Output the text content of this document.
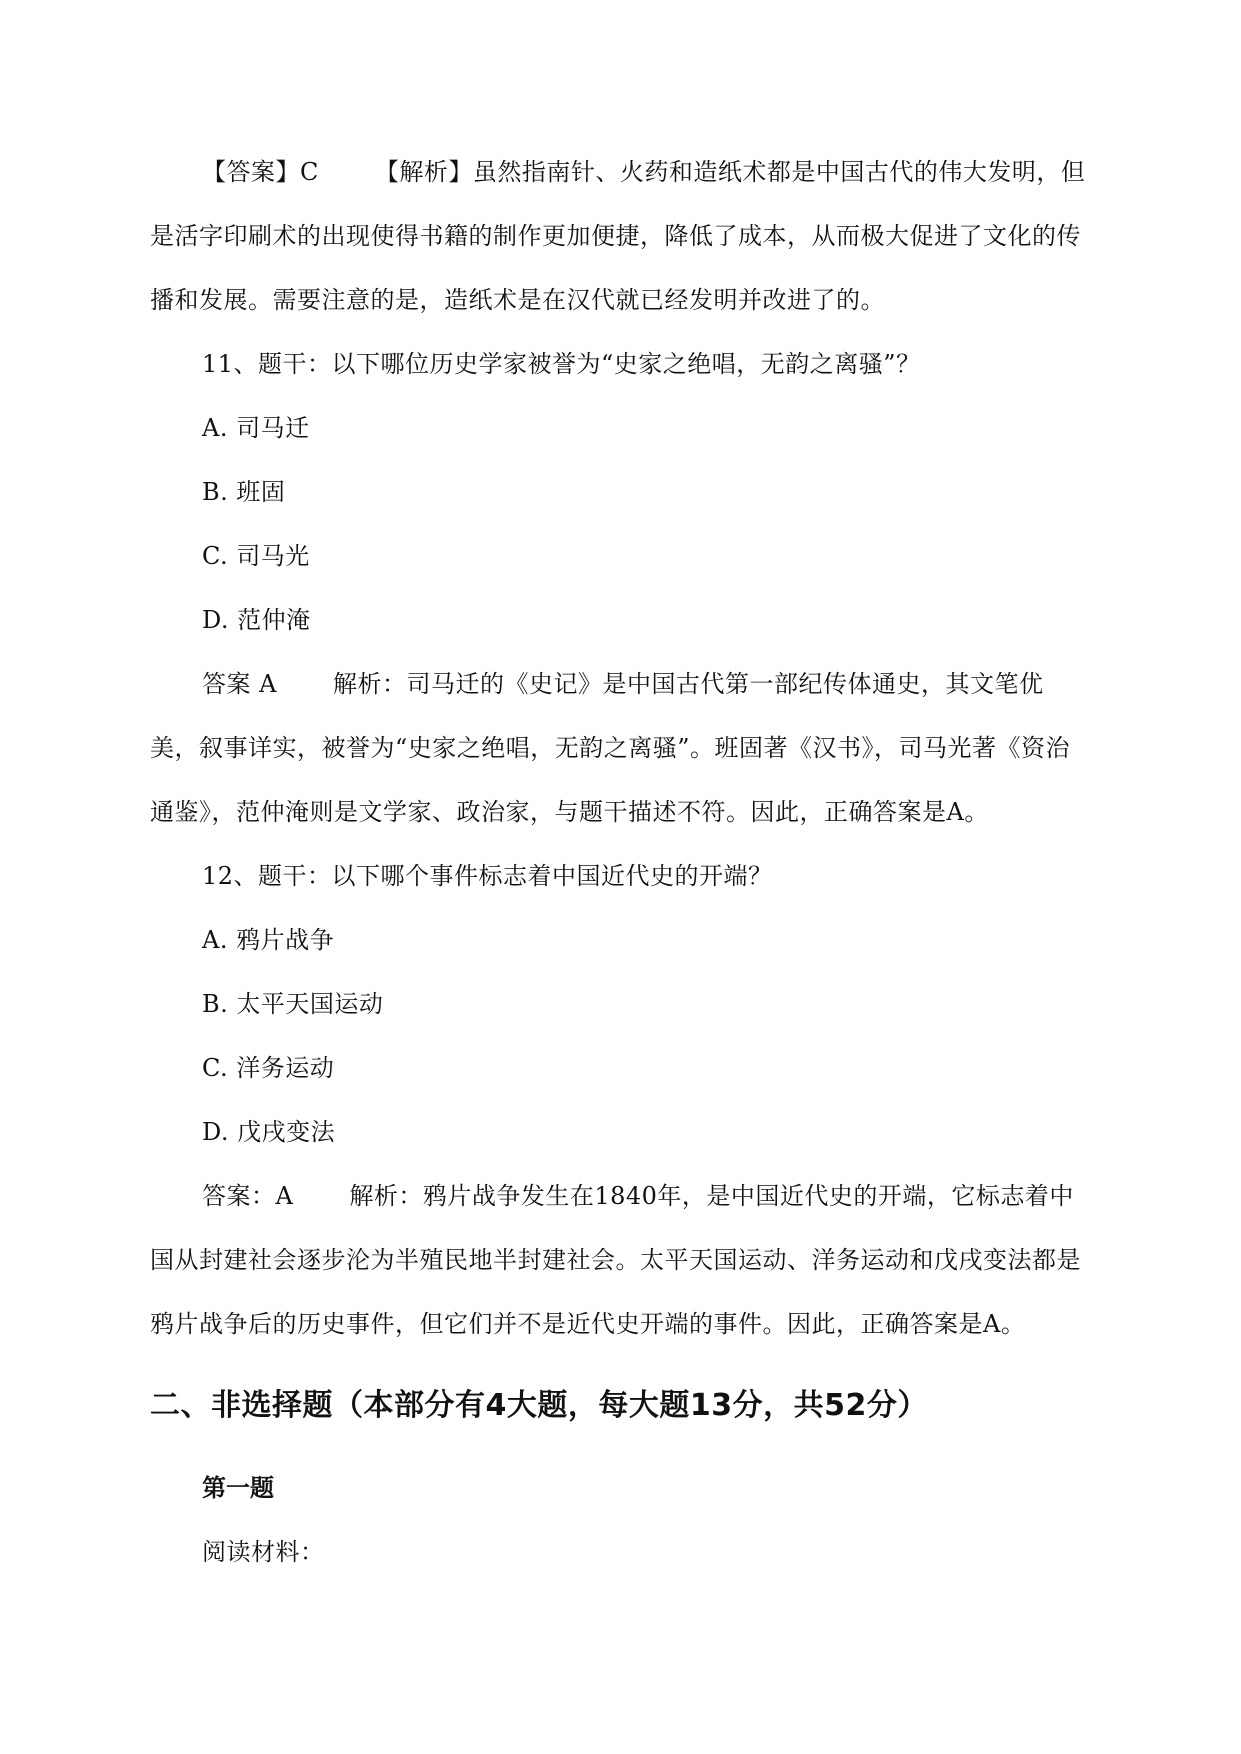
【答案】C 【解析】虽然指南针、火药和造纸术都是中国古代的伟大发明，但是活字印刷术的出现使得书籍的制作更加便捷，降低了成本，从而极大促进了文化的传播和发展。需要注意的是，造纸术是在汉代就已经发明并改进了的。

11、题干：以下哪位历史学家被誉为“史家之绝唱，无韵之离骚”？

A. 司马迁

B. 班固

C. 司马光

D. 范仲淹

答案 A 解析：司马迁的《史记》是中国古代第一部纪传体通史，其文笔优美，叙事详实，被誉为“史家之绝唱，无韵之离骚”。班固著《汉书》，司马光著《资治通鉴》，范仲淹则是文学家、政治家，与题干描述不符。因此，正确答案是A。

12、题干：以下哪个事件标志着中国近代史的开端？

A. 鸦片战争

B. 太平天国运动

C. 洋务运动

D. 戊戌变法

答案：A 解析：鸦片战争发生在1840年，是中国近代史的开端，它标志着中国从封建社会逐步沦为半殖民地半封建社会。太平天国运动、洋务运动和戊戌变法都是鸦片战争后的历史事件，但它们并不是近代史开端的事件。因此，正确答案是A。

二、非选择题（本部分有4大题，每大题13分，共52分）
第一题

阅读材料：
